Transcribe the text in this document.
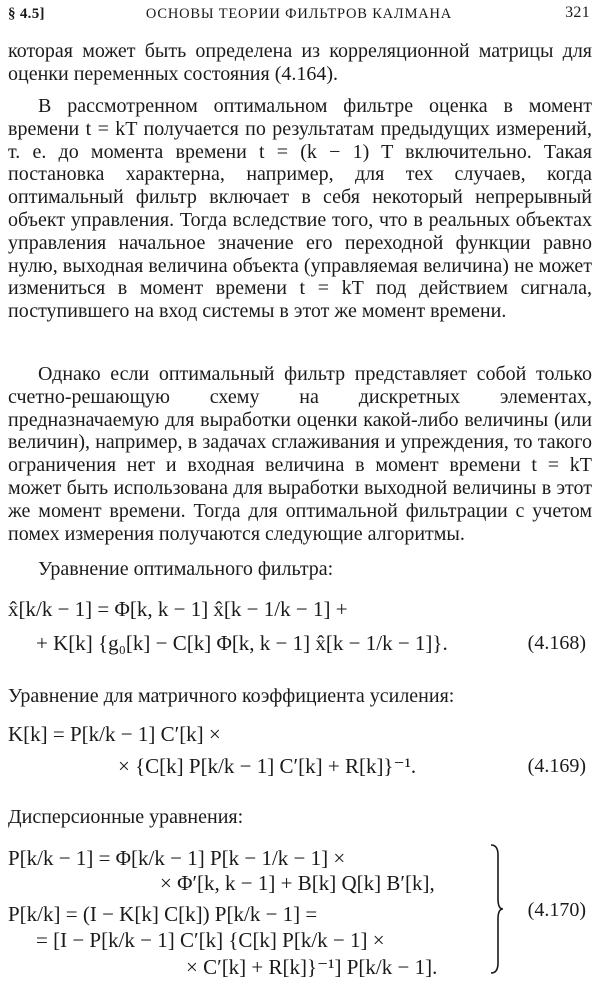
§ 4.5]	ОСНОВЫ ТЕОРИИ ФИЛЬТРОВ КАЛМАНА	321

которая может быть определена из корреляционной матрицы для оценки переменных состояния (4.164).

В рассмотренном оптимальном фильтре оценка в момент времени t = kT получается по результатам предыдущих измерений, т. е. до момента времени t = (k − 1) T включительно. Такая постановка характерна, например, для тех случаев, когда оптимальный фильтр включает в себя некоторый непрерывный объект управления. Тогда вследствие того, что в реальных объектах управления начальное значение его переходной функции равно нулю, выходная величина объекта (управляемая величина) не может измениться в момент времени t = kT под действием сигнала, поступившего на вход системы в этот же момент времени.

Однако если оптимальный фильтр представляет собой только счетно-решающую схему на дискретных элементах, предназначаемую для выработки оценки какой-либо величины (или величин), например, в задачах сглаживания и упреждения, то такого ограничения нет и входная величина в момент времени t = kT может быть использована для выработки выходной величины в этот же момент времени. Тогда для оптимальной фильтрации с учетом помех измерения получаются следующие алгоритмы.

Уравнение оптимального фильтра:
x̂[k/k − 1] = Φ[k, k − 1] x̂[k − 1/k − 1] +
+ K[k] {g₀[k] − C[k] Φ[k, k − 1] x̂[k − 1/k − 1]}.	(4.168)
Уравнение для матричного коэффициента усиления:
K[k] = P[k/k − 1] C′[k] ×
× {C[k] P[k/k − 1] C′[k] + R[k]}⁻¹.	(4.169)
Дисперсионные уравнения:
P[k/k − 1] = Φ[k/k − 1] P[k − 1/k − 1] ×
× Φ′[k, k − 1] + B[k] Q[k] B′[k],
P[k/k] = (I − K[k] C[k]) P[k/k − 1] =
= [I − P[k/k − 1] C′[k] {C[k] P[k/k − 1] ×
× C′[k] + R[k]}⁻¹] P[k/k − 1].
(4.170)
